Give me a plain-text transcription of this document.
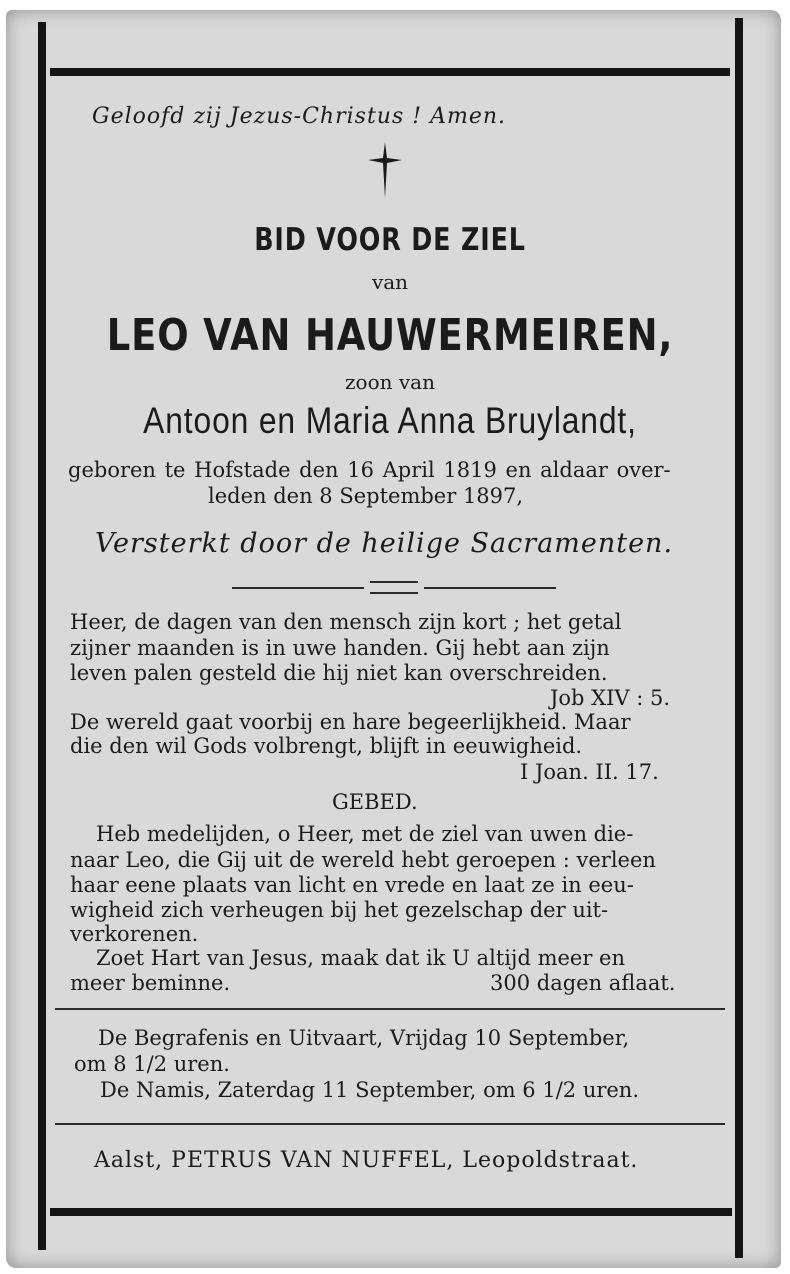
Geloofd zij Jezus-Christus ! Amen.
BID VOOR DE ZIEL
van
LEO VAN HAUWERMEIREN,
zoon van
Antoon en Maria Anna Bruylandt,
geboren te Hofstade den 16 April 1819 en aldaar over-
leden den 8 September 1897,
Versterkt door de heilige Sacramenten.
Heer, de dagen van den mensch zijn kort ; het getal
zijner maanden is in uwe handen. Gij hebt aan zijn
leven palen gesteld die hij niet kan overschreiden.
Job XIV : 5.
De wereld gaat voorbij en hare begeerlijkheid. Maar
die den wil Gods volbrengt, blijft in eeuwigheid.
I Joan. II. 17.
GEBED.
Heb medelijden, o Heer, met de ziel van uwen die-
naar Leo, die Gij uit de wereld hebt geroepen : verleen
haar eene plaats van licht en vrede en laat ze in eeu-
wigheid zich verheugen bij het gezelschap der uit-
verkorenen.
Zoet Hart van Jesus, maak dat ik U altijd meer en
meer beminne.	300 dagen aflaat.
De Begrafenis en Uitvaart, Vrijdag 10 September,
om 8 1/2 uren.
De Namis, Zaterdag 11 September, om 6 1/2 uren.
Aalst, PETRUS VAN NUFFEL, Leopoldstraat.
